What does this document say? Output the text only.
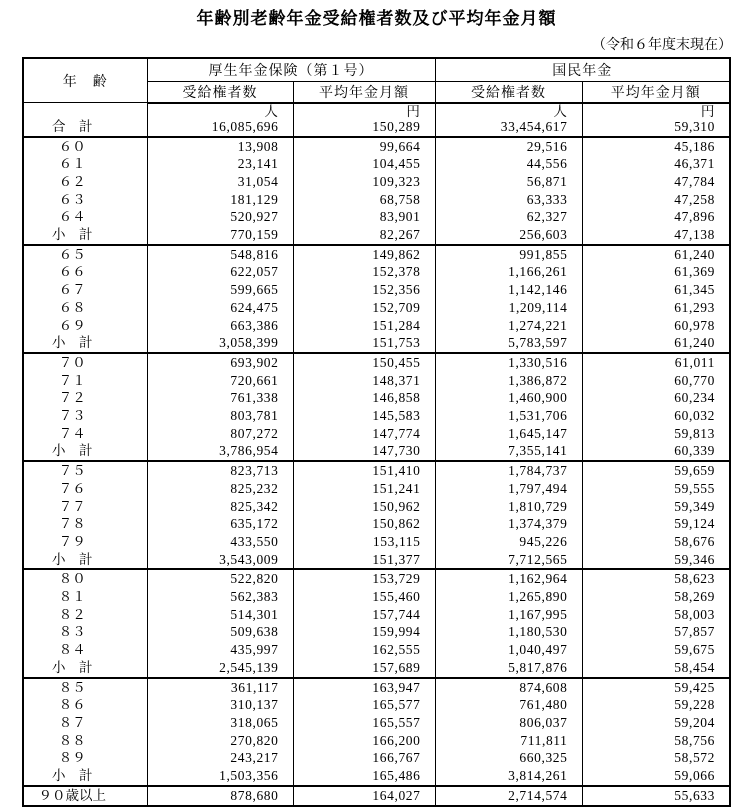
年齢別老齢年金受給権者数及び平均年金月額
（令和６年度末現在）
年　齢	厚生年金保険（第１号）		国民年金	
	受給権者数	平均年金月額	受給権者数	平均年金月額
合　計	人	円	人	円
	16,085,696	150,289	33,454,617	59,310
６０	13,908	99,664	29,516	45,186
６１	23,141	104,455	44,556	46,371
６２	31,054	109,323	56,871	47,784
６３	181,129	68,758	63,333	47,258
６４	520,927	83,901	62,327	47,896
小　計	770,159	82,267	256,603	47,138
６５	548,816	149,862	991,855	61,240
６６	622,057	152,378	1,166,261	61,369
６７	599,665	152,356	1,142,146	61,345
６８	624,475	152,709	1,209,114	61,293
６９	663,386	151,284	1,274,221	60,978
小　計	3,058,399	151,753	5,783,597	61,240
７０	693,902	150,455	1,330,516	61,011
７１	720,661	148,371	1,386,872	60,770
７２	761,338	146,858	1,460,900	60,234
７３	803,781	145,583	1,531,706	60,032
７４	807,272	147,774	1,645,147	59,813
小　計	3,786,954	147,730	7,355,141	60,339
７５	823,713	151,410	1,784,737	59,659
７６	825,232	151,241	1,797,494	59,555
７７	825,342	150,962	1,810,729	59,349
７８	635,172	150,862	1,374,379	59,124
７９	433,550	153,115	945,226	58,676
小　計	3,543,009	151,377	7,712,565	59,346
８０	522,820	153,729	1,162,964	58,623
８１	562,383	155,460	1,265,890	58,269
８２	514,301	157,744	1,167,995	58,003
８３	509,638	159,994	1,180,530	57,857
８４	435,997	162,555	1,040,497	59,675
小　計	2,545,139	157,689	5,817,876	58,454
８５	361,117	163,947	874,608	59,425
８６	310,137	165,577	761,480	59,228
８７	318,065	165,557	806,037	59,204
８８	270,820	166,200	711,811	58,756
８９	243,217	166,767	660,325	58,572
小　計	1,503,356	165,486	3,814,261	59,066
９０歳以上	878,680	164,027	2,714,574	55,633
